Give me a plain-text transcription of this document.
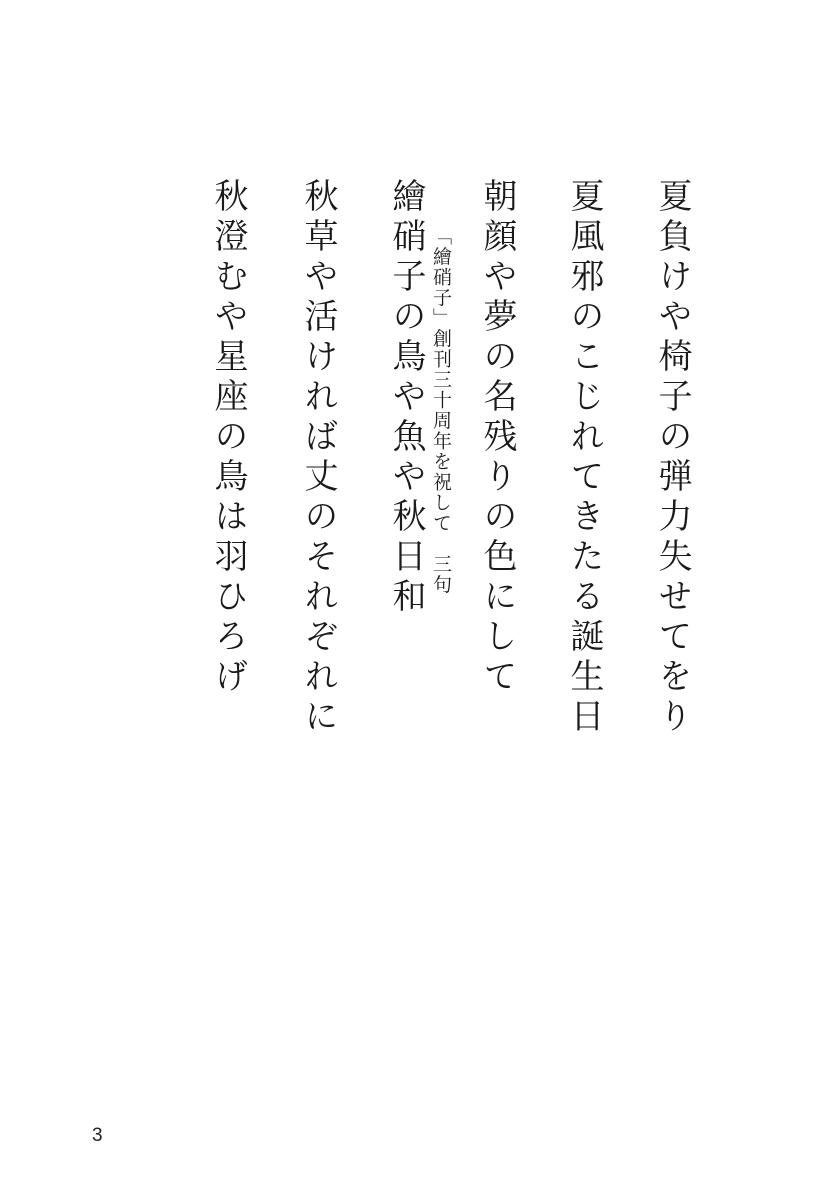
夏負けや椅子の弾力失せてをり
夏風邪のこじれてきたる誕生日
朝顔や夢の名残りの色にして
「繪硝子」創刊三十周年を祝して　三句
繪硝子の鳥や魚や秋日和
秋草や活ければ丈のそれぞれに
秋澄むや星座の鳥は羽ひろげ
3
